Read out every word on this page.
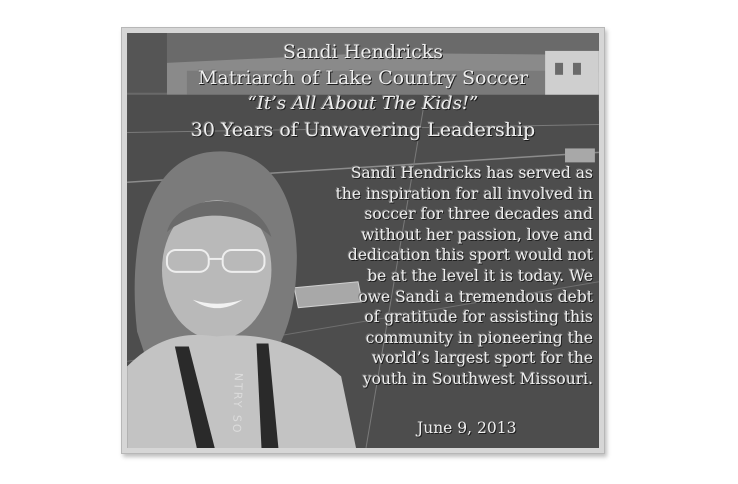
NTRY SO
Sandi Hendricks
Matriarch of Lake Country Soccer
“It’s All About The Kids!”
30 Years of Unwavering Leadership
Sandi Hendricks has served as
the inspiration for all involved in
soccer for three decades and
without her passion, love and
dedication this sport would not
be at the level it is today. We
owe Sandi a tremendous debt
of gratitude for assisting this
community in pioneering the
world’s largest sport for the
youth in Southwest Missouri.
June 9, 2013
